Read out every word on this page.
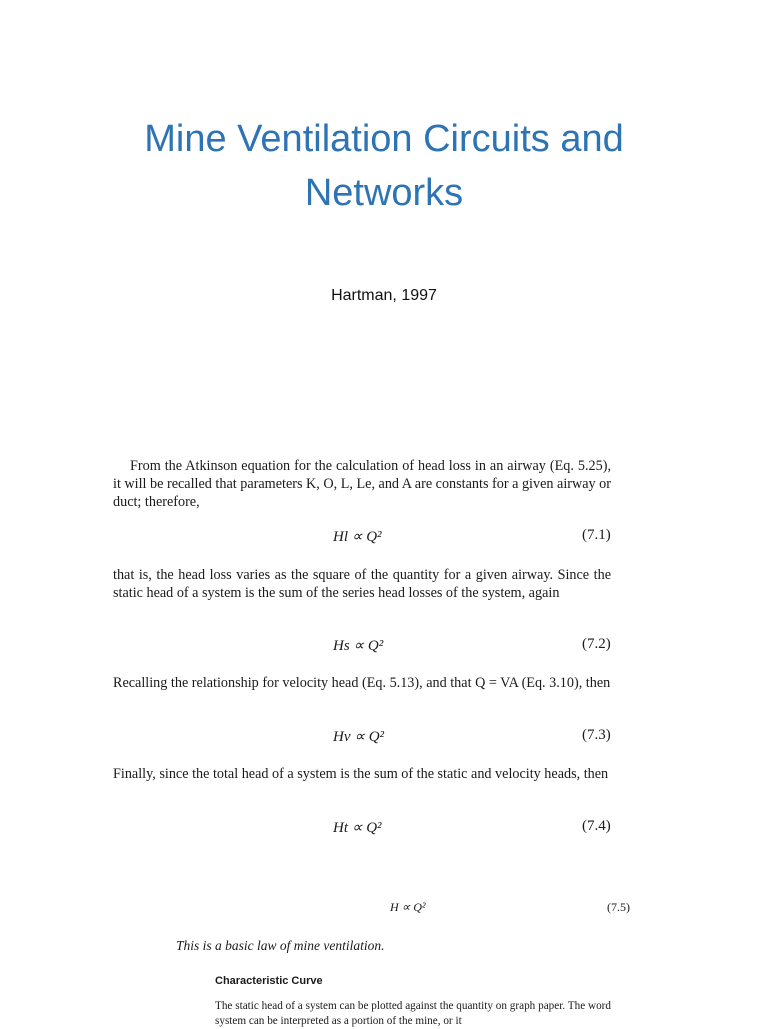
Mine Ventilation Circuits and
Networks
Hartman, 1997

From the Atkinson equation for the calculation of head loss in an airway (Eq. 5.25), it will be recalled that parameters K, O, L, Le, and A are constants for a given airway or duct; therefore,

Hl ∝ Q²	(7.1)

that is, the head loss varies as the square of the quantity for a given airway. Since the static head of a system is the sum of the series head losses of the system, again

Hs ∝ Q²	(7.2)

Recalling the relationship for velocity head (Eq. 5.13), and that Q = VA (Eq. 3.10), then

Hv ∝ Q²	(7.3)

Finally, since the total head of a system is the sum of the static and velocity heads, then

Ht ∝ Q²	(7.4)
H ∝ Q²	(7.5)
This is a basic law of mine ventilation.
Characteristic Curve

The static head of a system can be plotted against the quantity on graph paper. The word system can be interpreted as a portion of the mine, or it
